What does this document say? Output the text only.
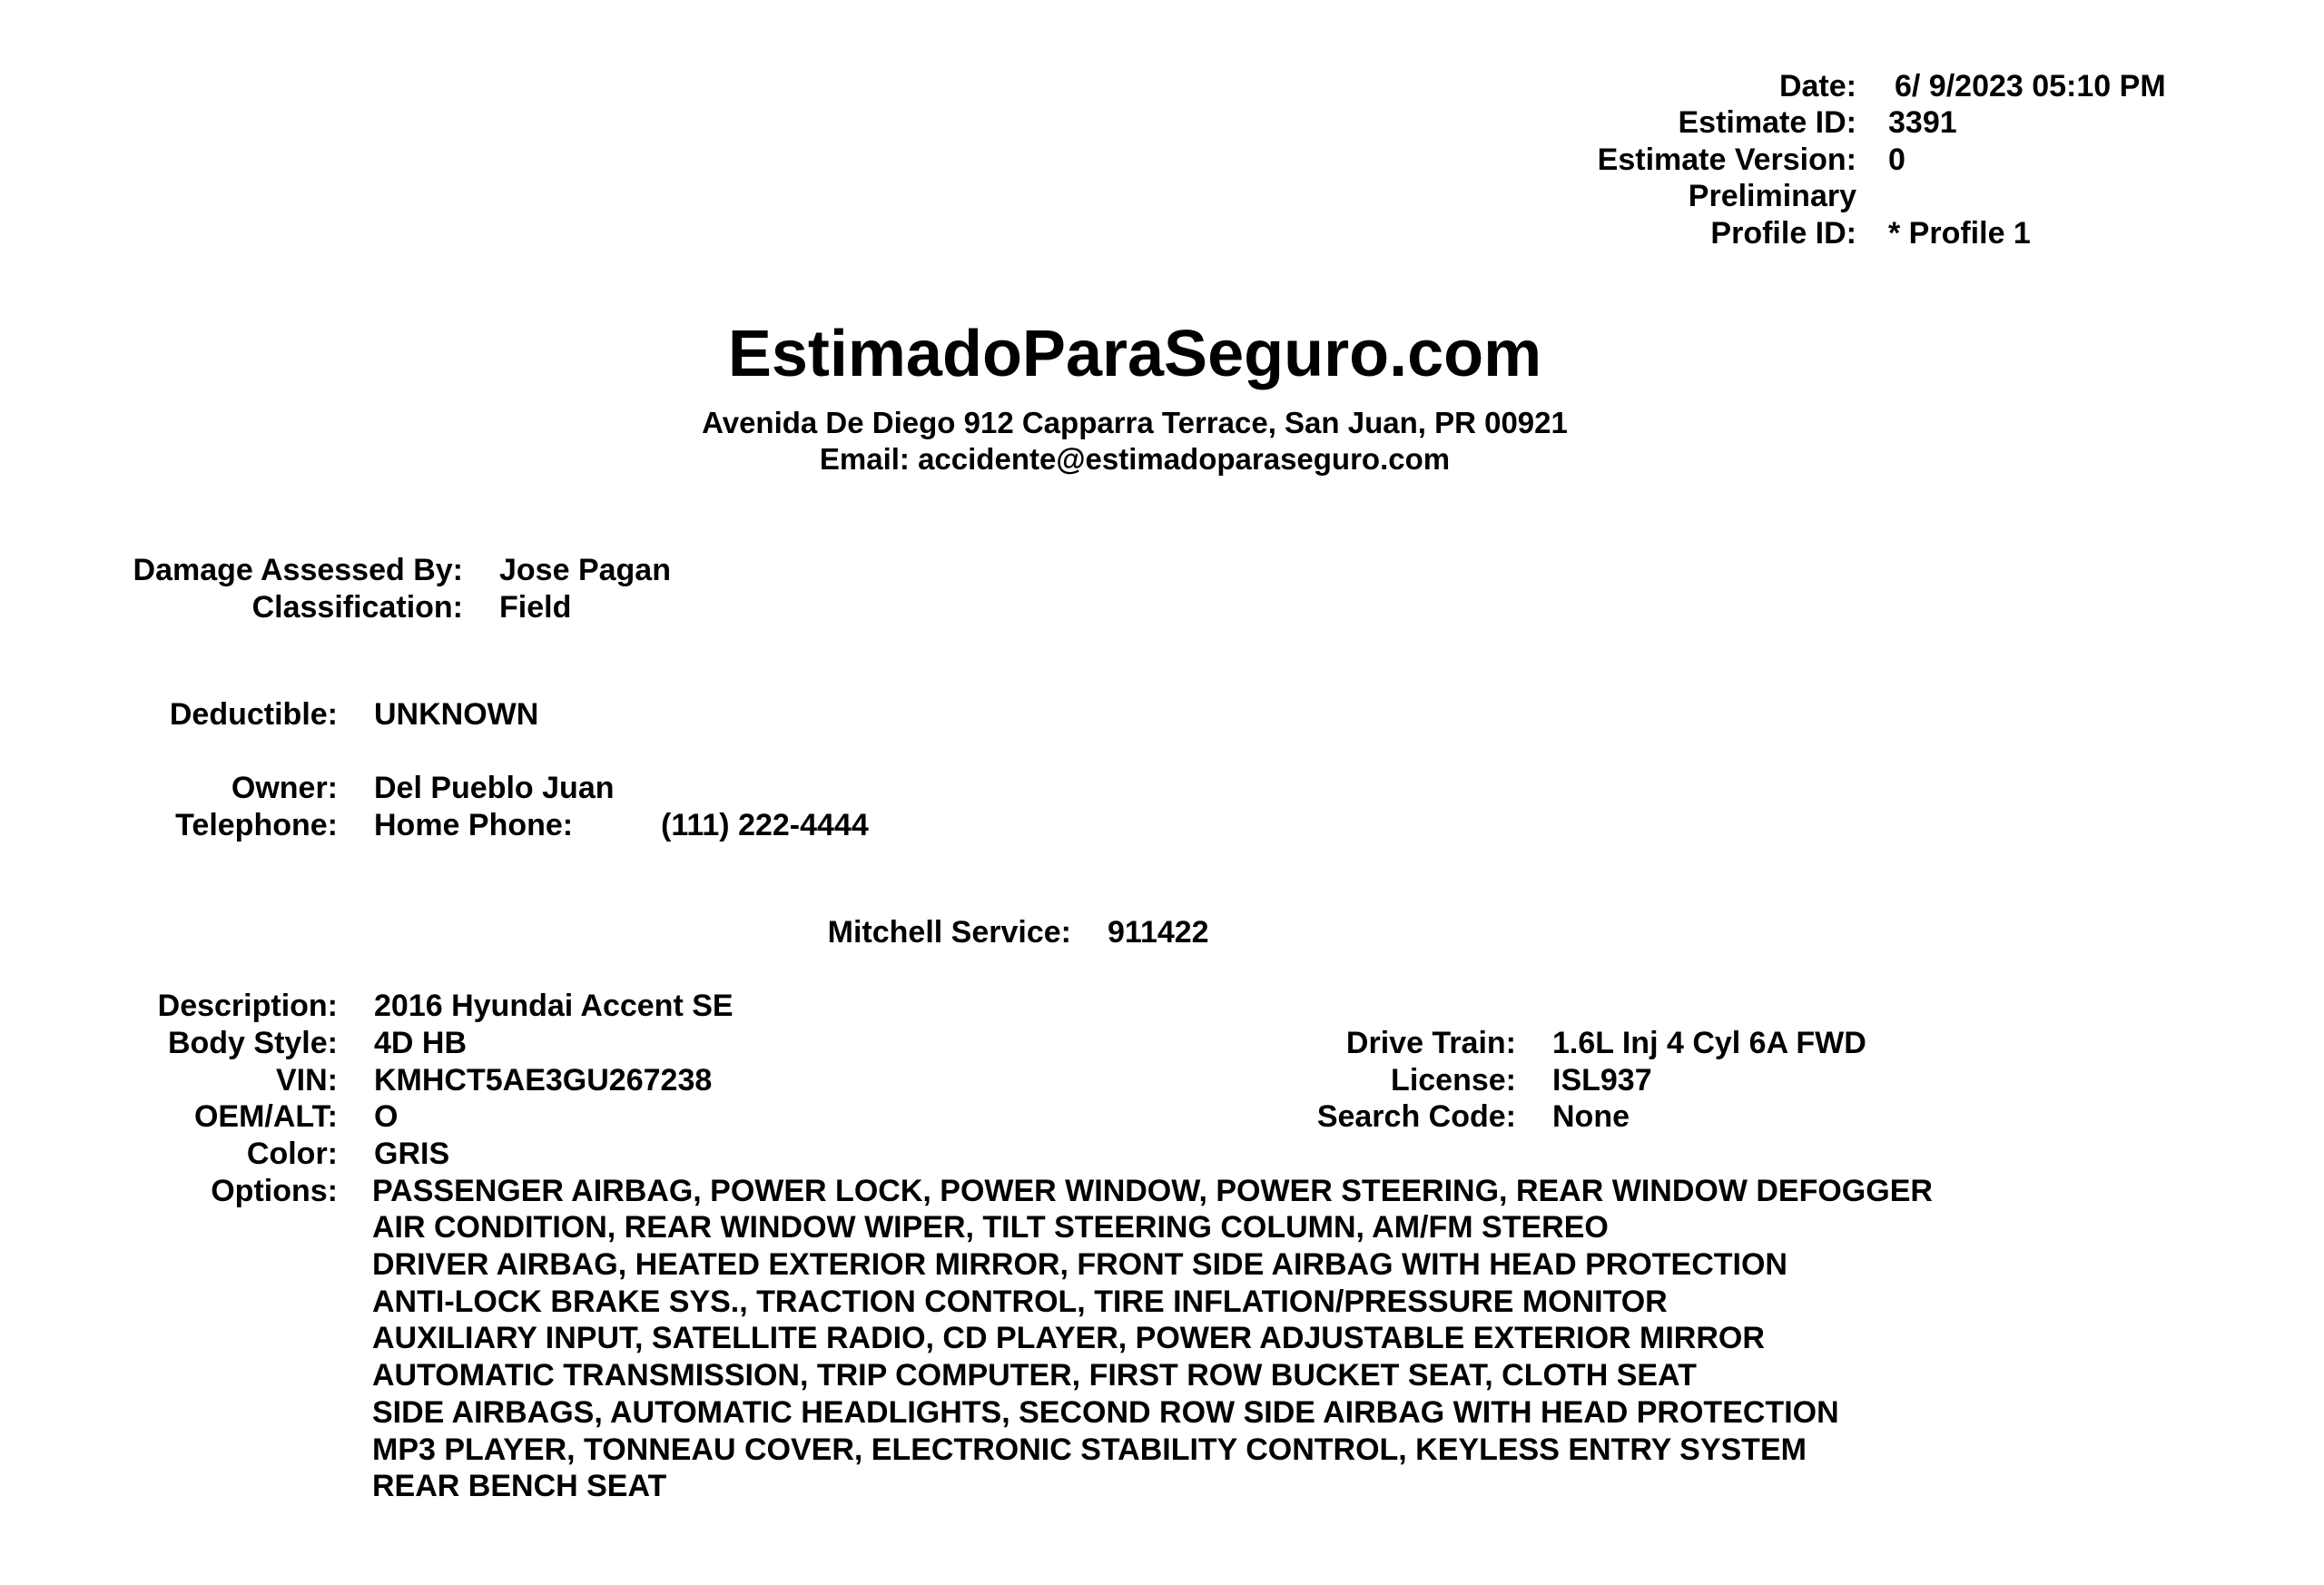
Date: 6/ 9/2023 05:10 PM
Estimate ID: 3391
Estimate Version: 0
Preliminary
Profile ID: * Profile 1
EstimadoParaSeguro.com
Avenida De Diego 912 Capparra Terrace, San Juan, PR 00921
Email: accidente@estimadoparaseguro.com
Damage Assessed By: Jose Pagan
Classification: Field
Deductible: UNKNOWN
Owner: Del Pueblo Juan
Telephone: Home Phone:	(111) 222-4444
Mitchell Service: 911422
Description: 2016 Hyundai Accent SE
Body Style: 4D HB
VIN: KMHCT5AE3GU267238
OEM/ALT: O
Color: GRIS
Options:
Drive Train: 1.6L Inj 4 Cyl 6A FWD
License: ISL937
Search Code: None
PASSENGER AIRBAG, POWER LOCK, POWER WINDOW, POWER STEERING, REAR WINDOW DEFOGGER
AIR CONDITION, REAR WINDOW WIPER, TILT STEERING COLUMN, AM/FM STEREO
DRIVER AIRBAG, HEATED EXTERIOR MIRROR, FRONT SIDE AIRBAG WITH HEAD PROTECTION
ANTI-LOCK BRAKE SYS., TRACTION CONTROL, TIRE INFLATION/PRESSURE MONITOR
AUXILIARY INPUT, SATELLITE RADIO, CD PLAYER, POWER ADJUSTABLE EXTERIOR MIRROR
AUTOMATIC TRANSMISSION, TRIP COMPUTER, FIRST ROW BUCKET SEAT, CLOTH SEAT
SIDE AIRBAGS, AUTOMATIC HEADLIGHTS, SECOND ROW SIDE AIRBAG WITH HEAD PROTECTION
MP3 PLAYER, TONNEAU COVER, ELECTRONIC STABILITY CONTROL, KEYLESS ENTRY SYSTEM
REAR BENCH SEAT
